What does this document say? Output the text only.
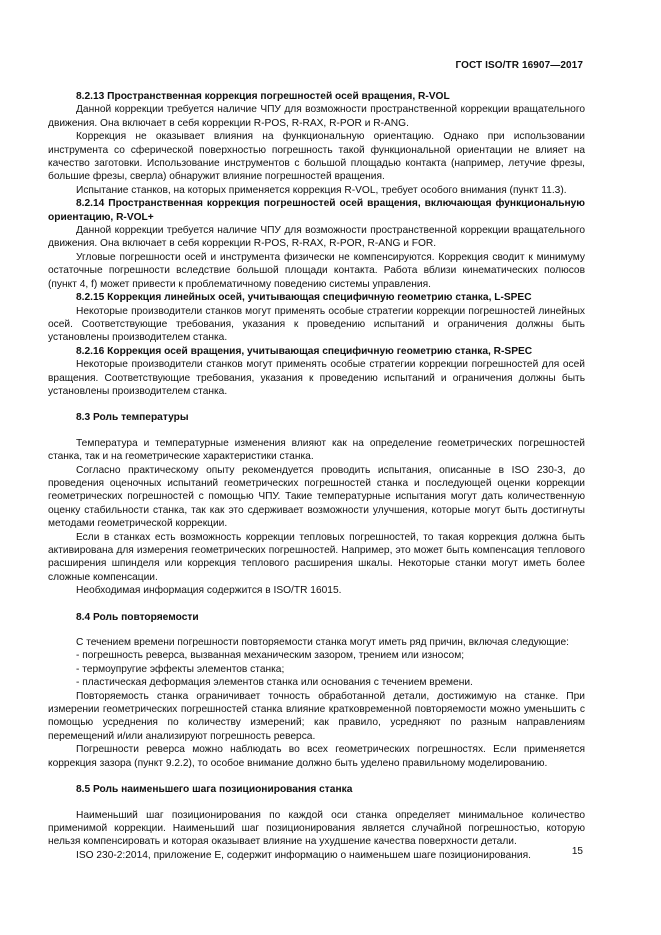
ГОСТ ISO/TR 16907—2017

8.2.13 Пространственная коррекция погрешностей осей вращения, R-VOL

Данной коррекции требуется наличие ЧПУ для возможности пространственной коррекции вращательного движения. Она включает в себя коррекции R-POS, R-RAX, R-POR и R-ANG.

Коррекция не оказывает влияния на функциональную ориентацию. Однако при использовании инструмента со сферической поверхностью погрешность такой функциональной ориентации не влияет на качество заготовки. Использование инструментов с большой площадью контакта (например, летучие фрезы, большие фрезы, сверла) обнаружит влияние погрешностей вращения.

Испытание станков, на которых применяется коррекция R-VOL, требует особого внимания (пункт 11.3).

8.2.14 Пространственная коррекция погрешностей осей вращения, включающая функциональную ориентацию, R-VOL+

Данной коррекции требуется наличие ЧПУ для возможности пространственной коррекции вращательного движения. Она включает в себя коррекции R-POS, R-RAX, R-POR, R-ANG и FOR.

Угловые погрешности осей и инструмента физически не компенсируются. Коррекция сводит к минимуму остаточные погрешности вследствие большой площади контакта. Работа вблизи кинематических полюсов (пункт 4, f) может привести к проблематичному поведению системы управления.

8.2.15 Коррекция линейных осей, учитывающая специфичную геометрию станка, L-SPEC

Некоторые производители станков могут применять особые стратегии коррекции погрешностей линейных осей. Соответствующие требования, указания к проведению испытаний и ограничения должны быть установлены производителем станка.

8.2.16 Коррекция осей вращения, учитывающая специфичную геометрию станка, R-SPEC

Некоторые производители станков могут применять особые стратегии коррекции погрешностей для осей вращения. Соответствующие требования, указания к проведению испытаний и ограничения должны быть установлены производителем станка.

8.3 Роль температуры

Температура и температурные изменения влияют как на определение геометрических погрешностей станка, так и на геометрические характеристики станка.

Согласно практическому опыту рекомендуется проводить испытания, описанные в ISO 230-3, до проведения оценочных испытаний геометрических погрешностей станка и последующей оценки коррекции геометрических погрешностей с помощью ЧПУ. Такие температурные испытания могут дать количественную оценку стабильности станка, так как это сдерживает возможности улучшения, которые могут быть достигнуты методами геометрической коррекции.

Если в станках есть возможность коррекции тепловых погрешностей, то такая коррекция должна быть активирована для измерения геометрических погрешностей. Например, это может быть компенсация теплового расширения шпинделя или коррекция теплового расширения шкалы. Некоторые станки могут иметь более сложные компенсации.

Необходимая информация содержится в ISO/TR 16015.

8.4 Роль повторяемости

С течением времени погрешности повторяемости станка могут иметь ряд причин, включая следующие:

- погрешность реверса, вызванная механическим зазором, трением или износом;

- термоупругие эффекты элементов станка;

- пластическая деформация элементов станка или основания с течением времени.

Повторяемость станка ограничивает точность обработанной детали, достижимую на станке. При измерении геометрических погрешностей станка влияние кратковременной повторяемости можно уменьшить с помощью усреднения по количеству измерений; как правило, усредняют по разным направлениям перемещений и/или анализируют погрешность реверса.

Погрешности реверса можно наблюдать во всех геометрических погрешностях. Если применяется коррекция зазора (пункт 9.2.2), то особое внимание должно быть уделено правильному моделированию.

8.5 Роль наименьшего шага позиционирования станка

Наименьший шаг позиционирования по каждой оси станка определяет минимальное количество применимой коррекции. Наименьший шаг позиционирования является случайной погрешностью, которую нельзя компенсировать и которая оказывает влияние на ухудшение качества поверхности детали.

ISO 230-2:2014, приложение E, содержит информацию о наименьшем шаге позиционирования.	15
